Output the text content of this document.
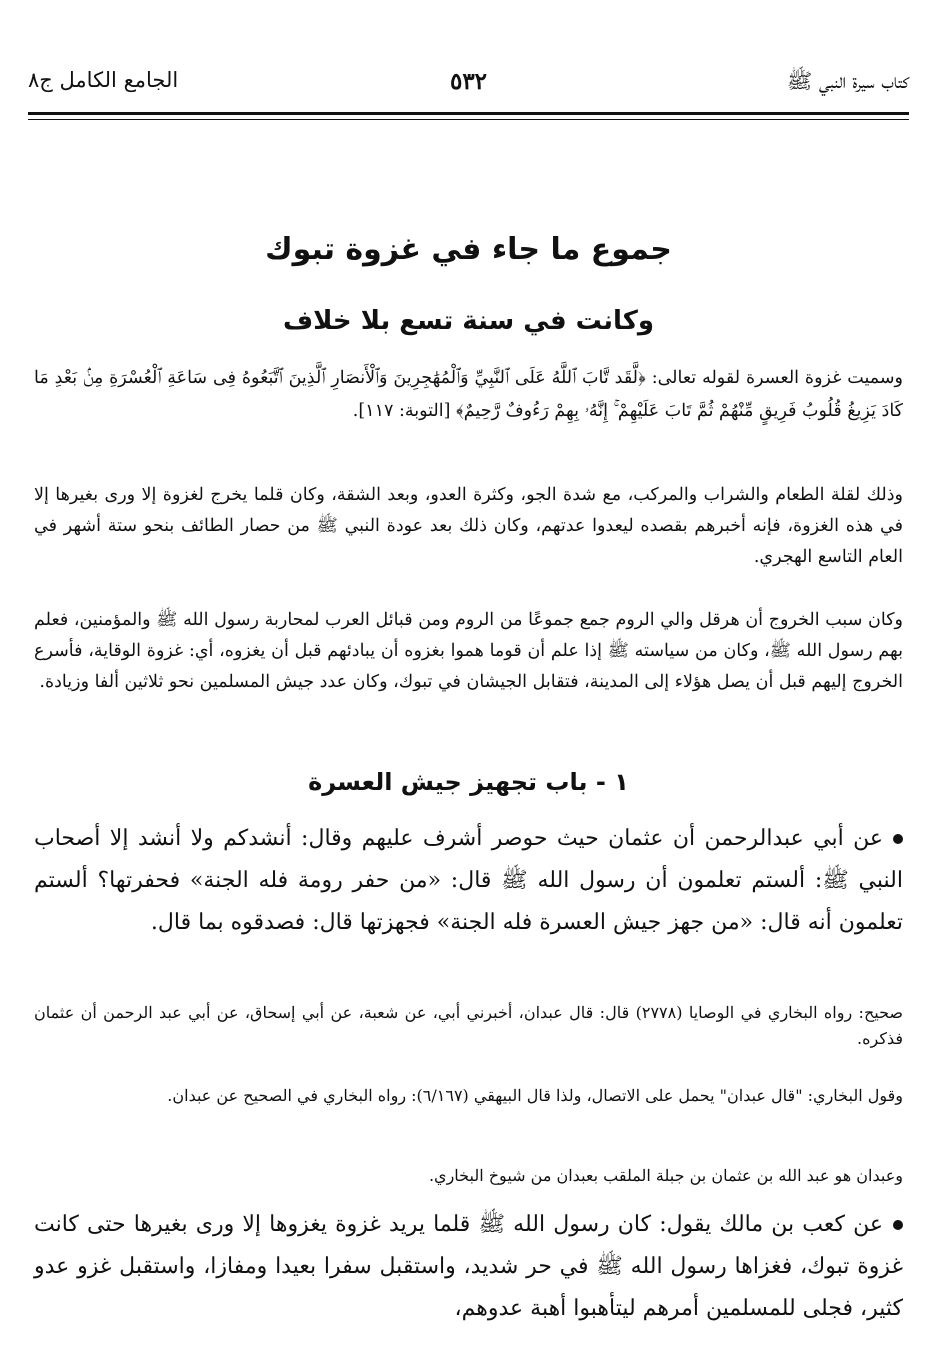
كتاب سيرة النبي ﷺ
٥٣٢
الجامع الكامل ج٨
جموع ما جاء في غزوة تبوك
وكانت في سنة تسع بلا خلاف
وسميت غزوة العسرة لقوله تعالى: ﴿لَّقَد تَّابَ ٱللَّهُ عَلَى ٱلنَّبِيِّ وَٱلْمُهَٰجِرِينَ وَٱلْأَنصَارِ ٱلَّذِينَ ٱتَّبَعُوهُ فِى سَاعَةِ ٱلْعُسْرَةِ مِنۢ بَعْدِ مَا كَادَ يَزِيغُ قُلُوبُ فَرِيقٍ مِّنْهُمْ ثُمَّ تَابَ عَلَيْهِمْ ۚ إِنَّهُۥ بِهِمْ رَءُوفٌ رَّحِيمٌ﴾ [التوبة: ١١٧].
وذلك لقلة الطعام والشراب والمركب، مع شدة الجو، وكثرة العدو، وبعد الشقة، وكان قلما يخرج لغزوة إلا ورى بغيرها إلا في هذه الغزوة، فإنه أخبرهم بقصده ليعدوا عدتهم، وكان ذلك بعد عودة النبي ﷺ من حصار الطائف بنحو ستة أشهر في العام التاسع الهجري.
وكان سبب الخروج أن هرقل والي الروم جمع جموعًا من الروم ومن قبائل العرب لمحاربة رسول الله ﷺ والمؤمنين، فعلم بهم رسول الله ﷺ، وكان من سياسته ﷺ إذا علم أن قوما هموا بغزوه أن يبادئهم قبل أن يغزوه، أي: غزوة الوقاية، فأسرع الخروج إليهم قبل أن يصل هؤلاء إلى المدينة، فتقابل الجيشان في تبوك، وكان عدد جيش المسلمين نحو ثلاثين ألفا وزيادة.
١ - باب تجهيز جيش العسرة
عن أبي عبدالرحمن أن عثمان حيث حوصر أشرف عليهم وقال: أنشدكم ولا أنشد إلا أصحاب النبي ﷺ: ألستم تعلمون أن رسول الله ﷺ قال: «من حفر رومة فله الجنة» فحفرتها؟ ألستم تعلمون أنه قال: «من جهز جيش العسرة فله الجنة» فجهزتها قال: فصدقوه بما قال.
صحيح: رواه البخاري في الوصايا (٢٧٧٨) قال: قال عبدان، أخبرني أبي، عن شعبة، عن أبي إسحاق، عن أبي عبد الرحمن أن عثمان فذكره.
وقول البخاري: "قال عبدان" يحمل على الاتصال، ولذا قال البيهقي (٦/١٦٧): رواه البخاري في الصحيح عن عبدان.
وعبدان هو عبد الله بن عثمان بن جبلة الملقب بعبدان من شيوخ البخاري.
عن كعب بن مالك يقول: كان رسول الله ﷺ قلما يريد غزوة يغزوها إلا ورى بغيرها حتى كانت غزوة تبوك، فغزاها رسول الله ﷺ في حر شديد، واستقبل سفرا بعيدا ومفازا، واستقبل غزو عدو كثير، فجلى للمسلمين أمرهم ليتأهبوا أهبة عدوهم،
